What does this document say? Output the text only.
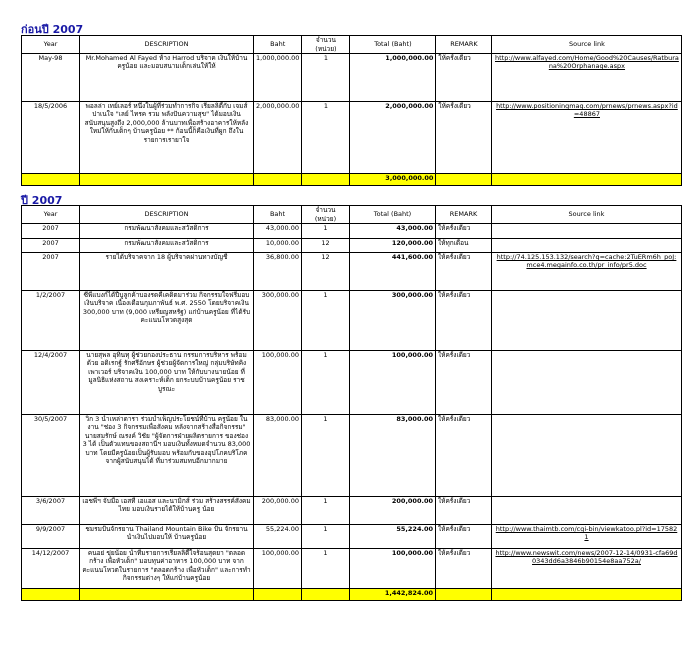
ก่อนปี 2007
Year	DESCRIPTION	Baht	จำนวน (หน่วย)	Total (Baht)	REMARK	Source link
May-98	Mr.Mohamed Al Fayed ห้าง Harrod บริจาค เงินให้บ้านครูน้อย และมอบสนามเด็กเล่นให้ให้	1,000,000.00	1	1,000,000.00	ให้ครั้งเดียว	http://www.alfayed.com/Home/Good%20Causes/Ratburana%20Orphanage.aspx
18/5/2006	พอลล่า เทย์เลอร์ หนึ่งในผู้ที่ร่วมทำการกิจ เรียลลิตี้กับ เจมส์ ปาเนใจ "เลย์ ไทรค รวม พลังปันความสุข" ได้มอบเงินสนับสนุนสูงถึง 2,000,000 ล้านบาทเพื่อสร้างอาคารให้หลังใหม่ให้กับเด็กๆ บ้านครูน้อย ** ก้อนนี้ก็คือเงินที่ผูก ถึงในรายการเรายาใจ	2,000,000.00	1	2,000,000.00	ให้ครั้งเดียว	http://www.positioningmag.com/prnews/prnews.aspx?id=48867
				3,000,000.00		
ปี 2007
Year	DESCRIPTION	Baht	จำนวน (หน่วย)	Total (Baht)	REMARK	Source link
2007	กรมพัฒนาสังคมและสวัสดิการ	43,000.00	1	43,000.00	ให้ครั้งเดียว	
2007	กรมพัฒนาสังคมและสวัสดิการ	10,000.00	12	120,000.00	ให้ทุกเดือน	
2007	รายได้บริจาคจาก 18 ผู้บริจาคผ่านทางบัญชี	36,800.00	12	441,600.00	ให้ครั้งเดียว	http://74.125.153.132/search?q=cache:2TuERm6h_poJ:mce4.megainfo.co.th/pr_info/pr5.doc
1/2/2007	ซีพีแบงก์ได้ปีบูลูกค้าบองรดคีเคดิตมาร่วม กิจกรรมใจฟรีมอบเงินบริจาค เนื่องเดือนกุมภาพันธ์ พ.ศ. 2550 โดยบริจาคเงิน 300,000 บาท (9,000 เหรียญสหรัฐ) แก่บ้านครูน้อย ที่ได้รับคะแนนโหวตสูงสุด	300,000.00	1	300,000.00	ให้ครั้งเดียว	
12/4/2007	นายสุพล อุทินทุ ผู้ช่วยกองประธาน กรรมการบริหาร พร้อมด้วย อดิเรกฐ์ รักศรีอักษร ผู้ช่วยผู้จัดการใหญ่ กลุ่มบริษัทคิง เพาเวอร์ บริจาคเงิน 100,000 บาท ให้กับบางนายน้อย ที่มูลนิธิแห่งสถาน สงเคราะห์เด็ก ยกระบบบ้านครูน้อย ราชบูรณะ	100,000.00	1	100,000.00	ให้ครั้งเดียว	
30/5/2007	วิก 3 นำเหล่าดารา ร่วมบำเพ็ญประโยชน์ที่บ้าน ครูน้อย ในงาน "ช่อง 3 กิจกรรมเพื่อสังคม หลังจากสร้างสื่อกิจกรรม" นายสมรักษ์ ณรงค์ วิชัย "ผู้จัดการฝ่ายผลิตรายการ ของช่อง 3 ได้ เป็นตัวแทนของสถานีฯ มอบเงินทั้งหมดจำนวน 83,000 บาท โดยมีครูน้อยเป็นผู้รับมอบ พร้อมกับของอุปโภคบริโภคจากผู้สนับสนุนได้ ที่มาร่วมสมทบอีกมากมาย	83,000.00	1	83,000.00	ให้ครั้งเดียว	
3/6/2007	เอชพีฯ จับมือ เอสที เอแอส และนามิกส์ ร่วม สร้างสรรค์สังคมไทย มอบเงินรายได้ให้บ้านครู น้อย	200,000.00	1	200,000.00	ให้ครั้งเดียว	
9/9/2007	ชมรมปั่นจักรยาน Thailand Mountain Bike ปั่น จักรยาน นำเงินไปมอบให้ บ้านครูน้อย	55,224.00	1	55,224.00	ให้ครั้งเดียว	http://www.thaimtb.com/cgi-bin/viewkatoo.pl?id=175821
14/12/2007	คนอย่ ขุ่ยน้อย นำทีมรายการเรียลลิตี้ใจร้อนสุดยา "ตลอดกร้าง เพื่อหัวเด็ก" มอบทุนค่าอาหาร 100,000 บาท จากคะแนนโหวตในรายการ "ตลอดกร้าง เพื่อหัวเด็ก" และการทำกิจกรรมต่างๆ ให้แก่บ้านครูน้อย	100,000.00	1	100,000.00	ให้ครั้งเดียว	http://www.newswit.com/news/2007-12-14/0931-cfa69d0343dd6a3846b90154e8aa752a/
				1,442,824.00		
